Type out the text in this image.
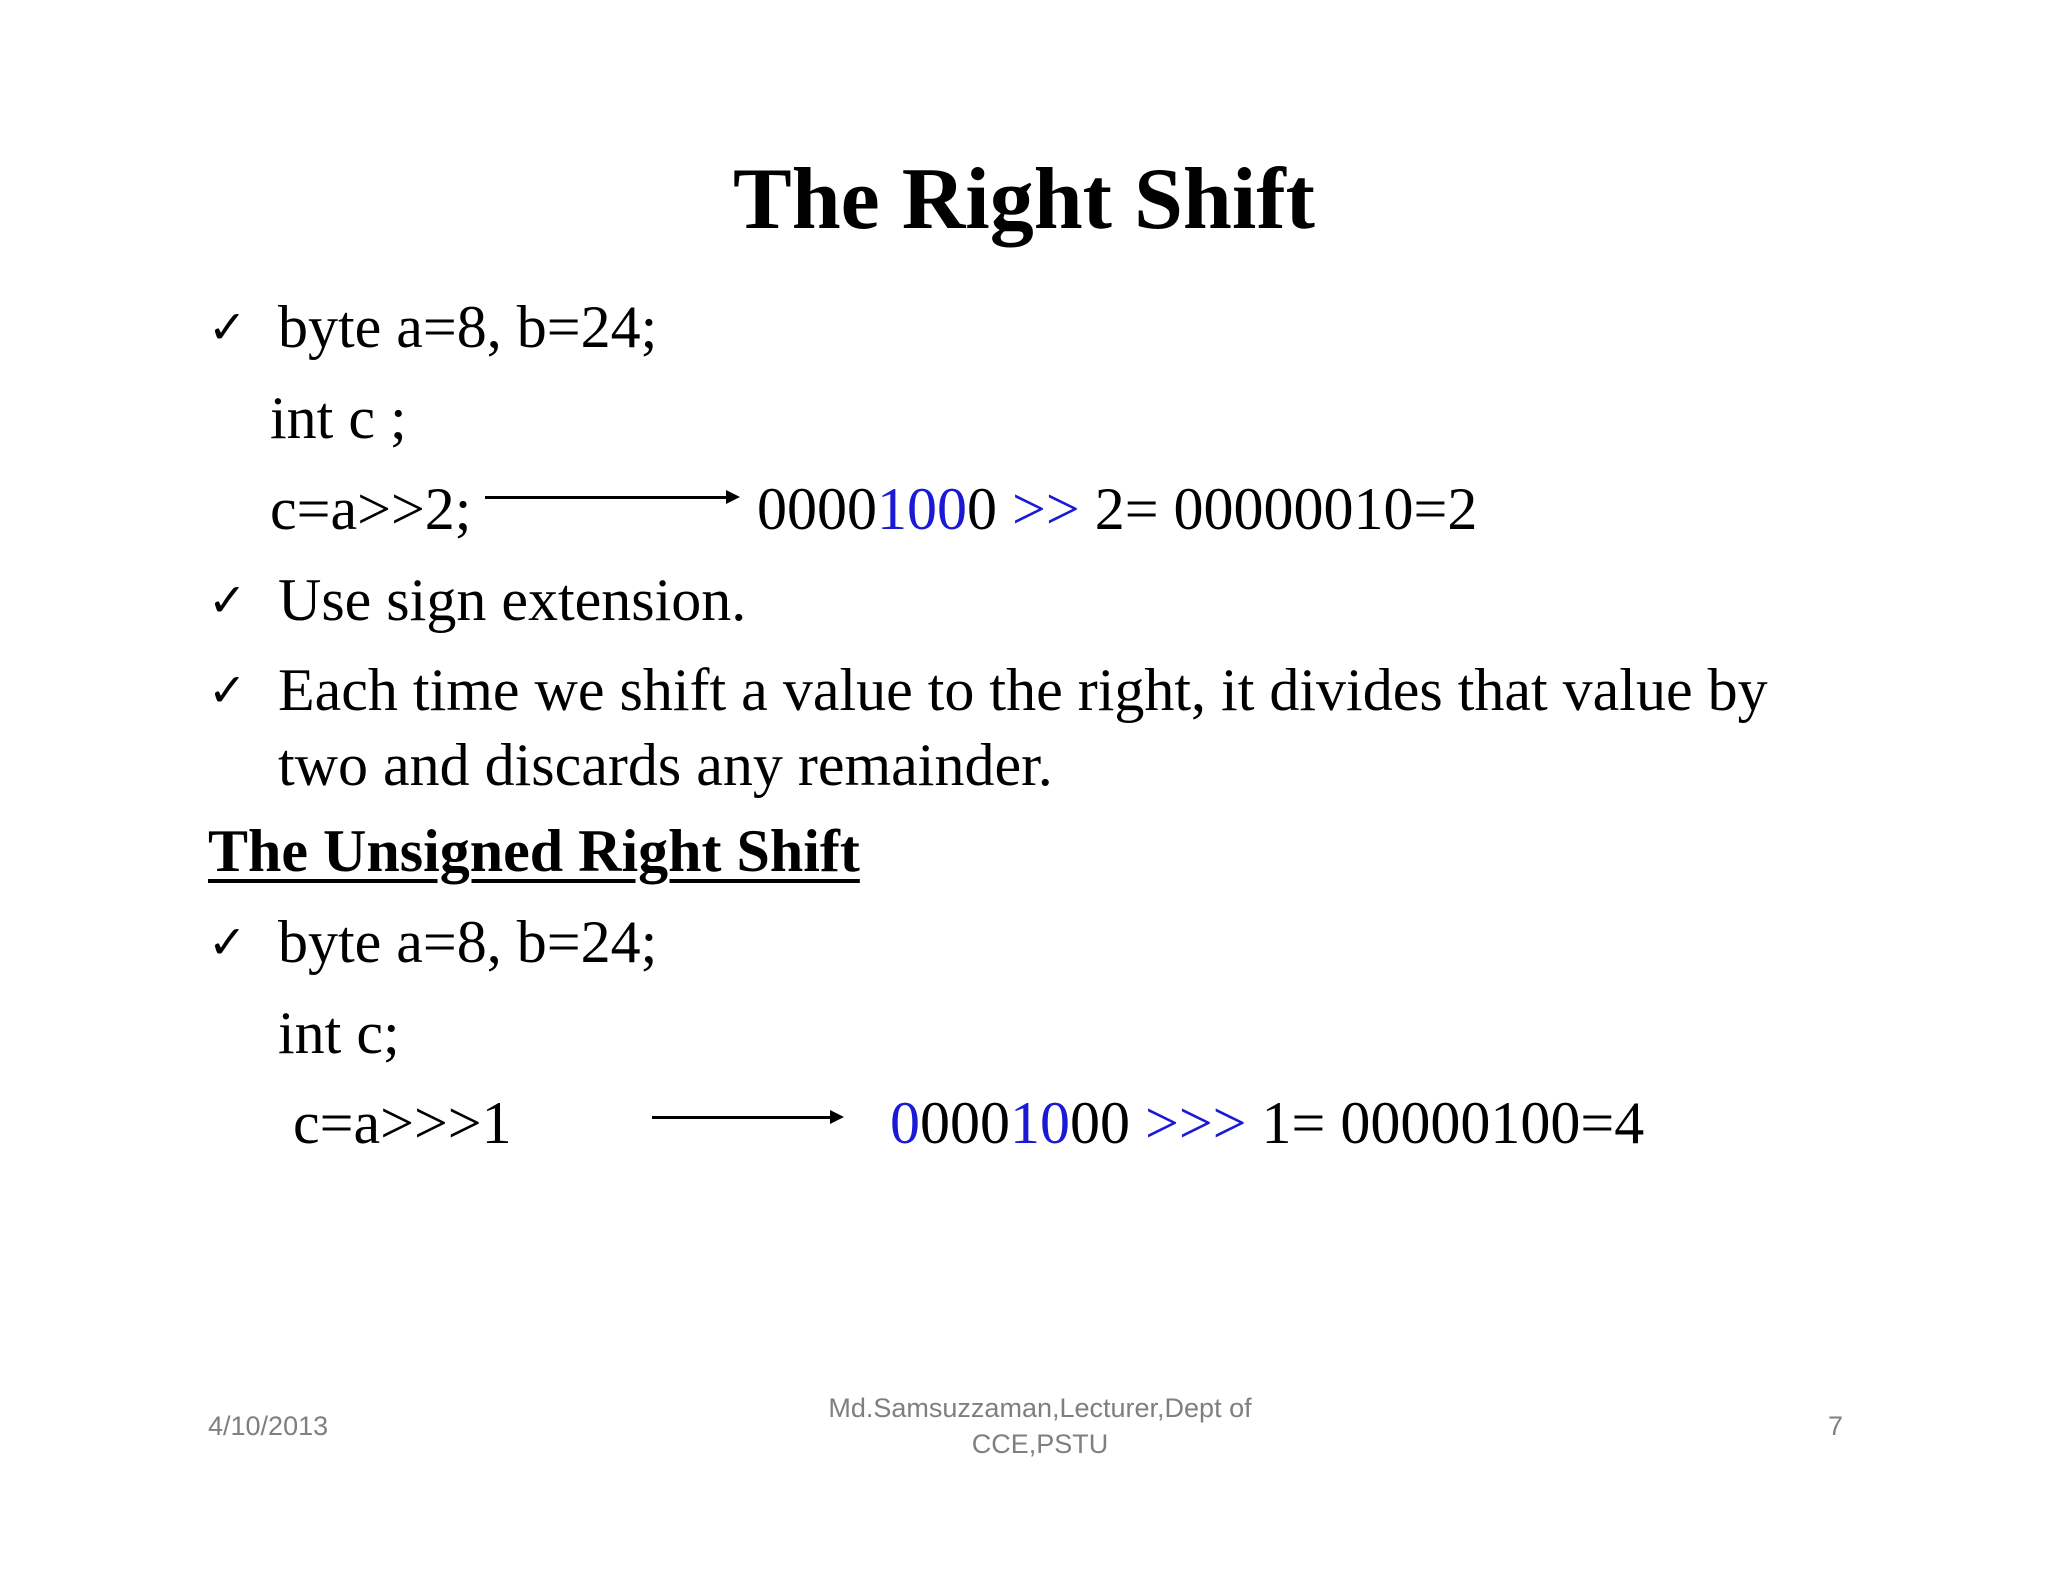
The Right Shift
✓ byte a=8, b=24;
int c ;
c=a>>2;	00001000 >> 2= 00000010=2
✓ Use sign extension.
✓ Each time we shift a value to the right, it divides that value by
two and discards any remainder.
The Unsigned Right Shift
✓ byte a=8, b=24;
int c;
c=a>>>1	00001000 >>> 1= 00000100=4
4/10/2013
Md.Samsuzzaman,Lecturer,Dept of
CCE,PSTU
7
